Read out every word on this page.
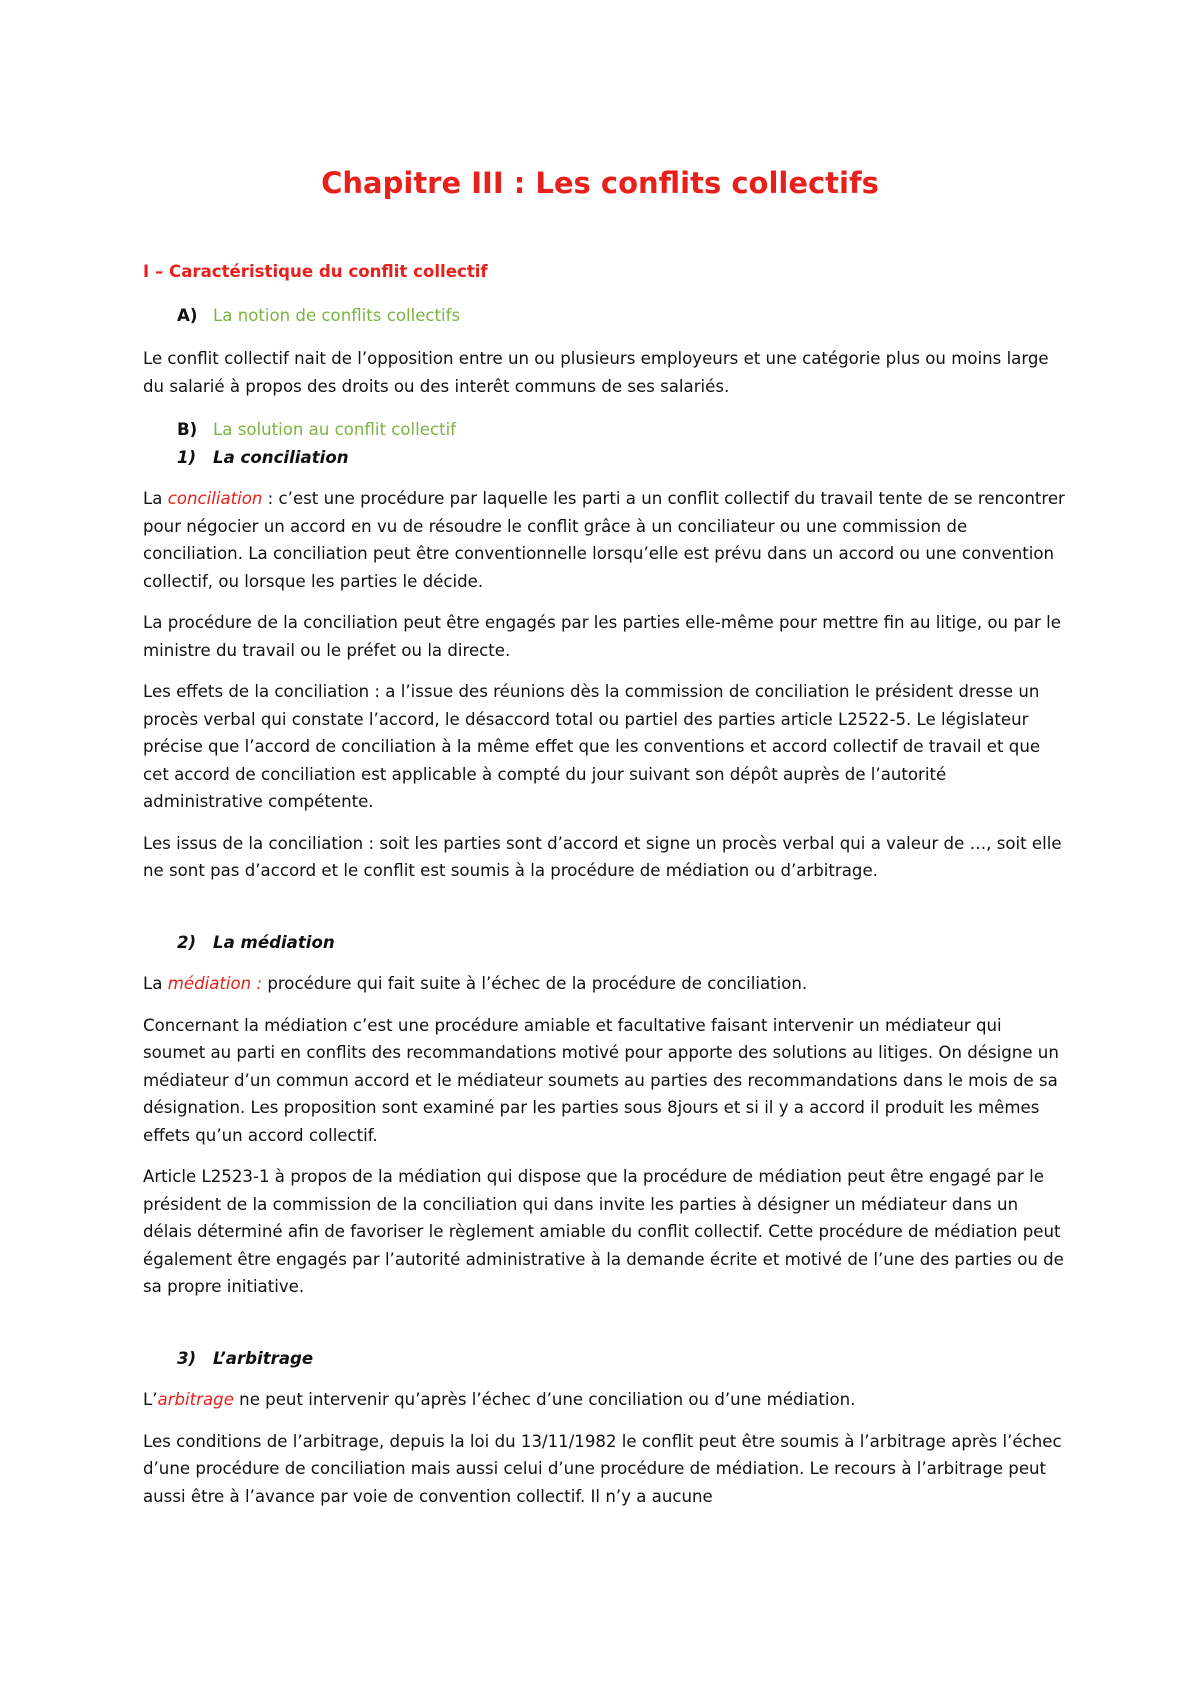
Chapitre III : Les conflits collectifs

I – Caractéristique du conflit collectif

A) La notion de conflits collectifs

Le conflit collectif nait de l’opposition entre un ou plusieurs employeurs et une catégorie plus ou moins large du salarié à propos des droits ou des interêt communs de ses salariés.

B) La solution au conflit collectif
1)	La conciliation

La conciliation : c’est une procédure par laquelle les parti a un conflit collectif du travail tente de se rencontrer pour négocier un accord en vu de résoudre le conflit grâce à un conciliateur ou une commission de conciliation. La conciliation peut être conventionnelle lorsqu’elle est prévu dans un accord ou une convention collectif, ou lorsque les parties le décide.

La procédure de la conciliation peut être engagés par les parties elle-même pour mettre fin au litige, ou par le ministre du travail ou le préfet ou la directe.

Les effets de la conciliation : a l’issue des réunions dès la commission de conciliation le président dresse un procès verbal qui constate l’accord, le désaccord total ou partiel des parties article L2522-5. Le législateur précise que l’accord de conciliation à la même effet que les conventions et accord collectif de travail et que cet accord de conciliation est applicable à compté du jour suivant son dépôt auprès de l’autorité administrative compétente.

Les issus de la conciliation : soit les parties sont d’accord et signe un procès verbal qui a valeur de …, soit elle ne sont pas d’accord et le conflit est soumis à la procédure de médiation ou d’arbitrage.

2)	La médiation

La médiation : procédure qui fait suite à l’échec de la procédure de conciliation.

Concernant la médiation c’est une procédure amiable et facultative faisant intervenir un médiateur qui soumet au parti en conflits des recommandations motivé pour apporte des solutions au litiges. On désigne un médiateur d’un commun accord et le médiateur soumets au parties des recommandations dans le mois de sa désignation. Les proposition sont examiné par les parties sous 8jours et si il y a accord il produit les mêmes effets qu’un accord collectif.

Article L2523-1 à propos de la médiation qui dispose que la procédure de médiation peut être engagé par le président de la commission de la conciliation qui dans invite les parties à désigner un médiateur dans un délais déterminé afin de favoriser le règlement amiable du conflit collectif. Cette procédure de médiation peut également être engagés par l’autorité administrative à la demande écrite et motivé de l’une des parties ou de sa propre initiative.

3)	L’arbitrage

L’arbitrage ne peut intervenir qu’après l’échec d’une conciliation ou d’une médiation.

Les conditions de l’arbitrage, depuis la loi du 13/11/1982 le conflit peut être soumis à l’arbitrage après l’échec d’une procédure de conciliation mais aussi celui d’une procédure de médiation. Le recours à l’arbitrage peut aussi être à l’avance par voie de convention collectif. Il n’y a aucune
